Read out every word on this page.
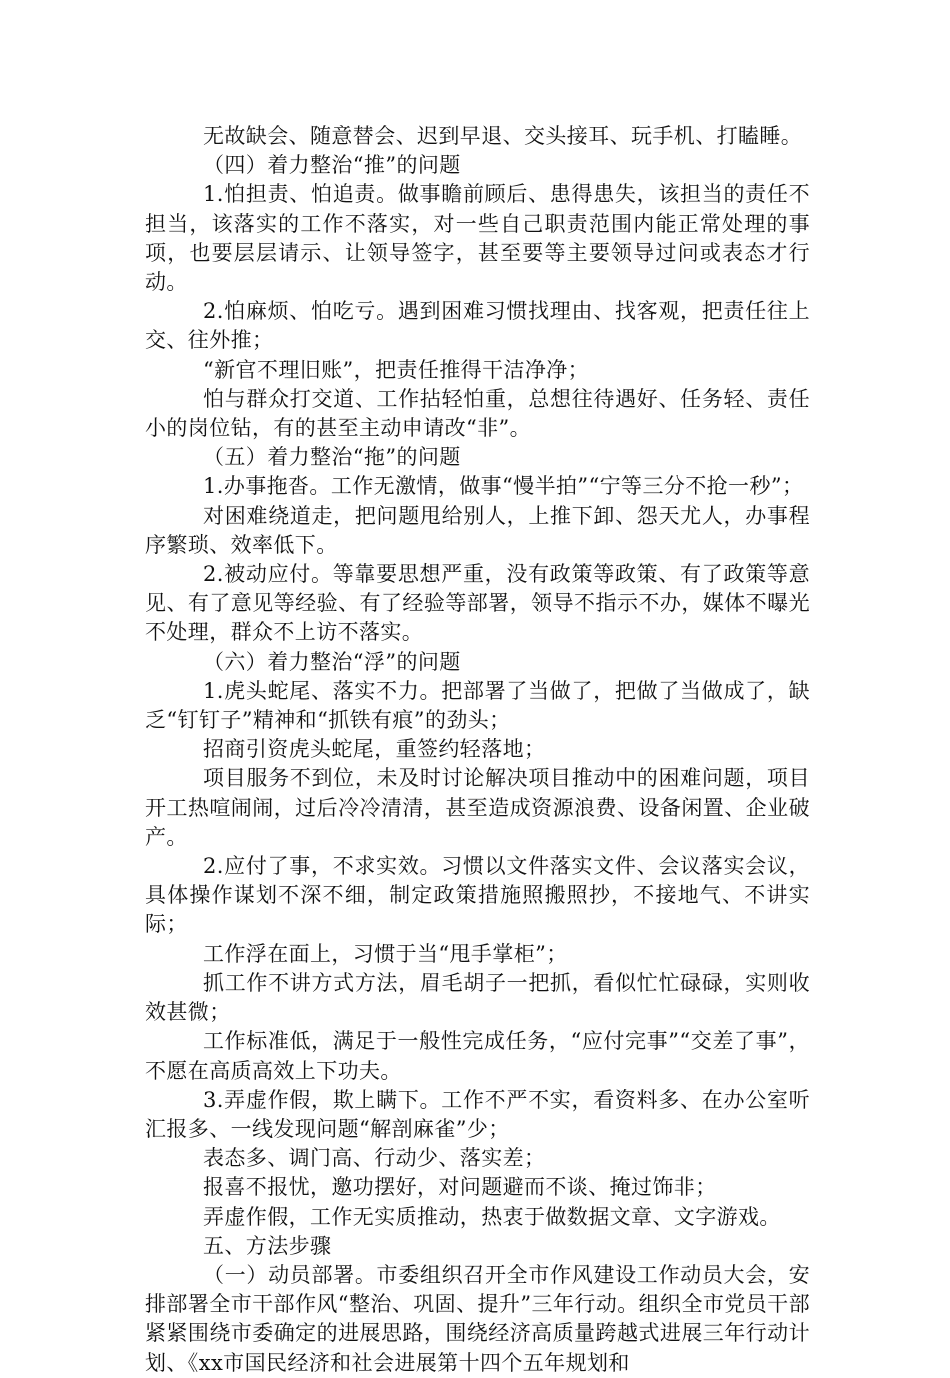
无故缺会、随意替会、迟到早退、交头接耳、玩手机、打瞌睡。

（四）着力整治“推”的问题

1.怕担责、怕追责。做事瞻前顾后、患得患失，该担当的责任不担当，该落实的工作不落实，对一些自己职责范围内能正常处理的事项，也要层层请示、让领导签字，甚至要等主要领导过问或表态才行动。

2.怕麻烦、怕吃亏。遇到困难习惯找理由、找客观，把责任往上交、往外推；

“新官不理旧账”，把责任推得干洁净净；

怕与群众打交道、工作拈轻怕重，总想往待遇好、任务轻、责任小的岗位钻，有的甚至主动申请改“非”。

（五）着力整治“拖”的问题

1.办事拖沓。工作无激情，做事“慢半拍”“宁等三分不抢一秒”；

对困难绕道走，把问题甩给别人，上推下卸、怨天尤人，办事程序繁琐、效率低下。

2.被动应付。等靠要思想严重，没有政策等政策、有了政策等意见、有了意见等经验、有了经验等部署，领导不指示不办，媒体不曝光不处理，群众不上访不落实。

（六）着力整治“浮”的问题

1.虎头蛇尾、落实不力。把部署了当做了，把做了当做成了，缺乏“钉钉子”精神和“抓铁有痕”的劲头；

招商引资虎头蛇尾，重签约轻落地；

项目服务不到位，未及时讨论解决项目推动中的困难问题，项目开工热喧闹闹，过后冷冷清清，甚至造成资源浪费、设备闲置、企业破产。

2.应付了事，不求实效。习惯以文件落实文件、会议落实会议，具体操作谋划不深不细，制定政策措施照搬照抄，不接地气、不讲实际；

工作浮在面上，习惯于当“甩手掌柜”；

抓工作不讲方式方法，眉毛胡子一把抓，看似忙忙碌碌，实则收效甚微；

工作标准低，满足于一般性完成任务，“应付完事”“交差了事”，不愿在高质高效上下功夫。

3.弄虚作假，欺上瞒下。工作不严不实，看资料多、在办公室听汇报多、一线发现问题“解剖麻雀”少；

表态多、调门高、行动少、落实差；

报喜不报忧，邀功摆好，对问题避而不谈、掩过饰非；

弄虚作假，工作无实质推动，热衷于做数据文章、文字游戏。

五、方法步骤

（一）动员部署。市委组织召开全市作风建设工作动员大会，安排部署全市干部作风“整治、巩固、提升”三年行动。组织全市党员干部紧紧围绕市委确定的进展思路，围绕经济高质量跨越式进展三年行动计划、《xx市国民经济和社会进展第十四个五年规划和
